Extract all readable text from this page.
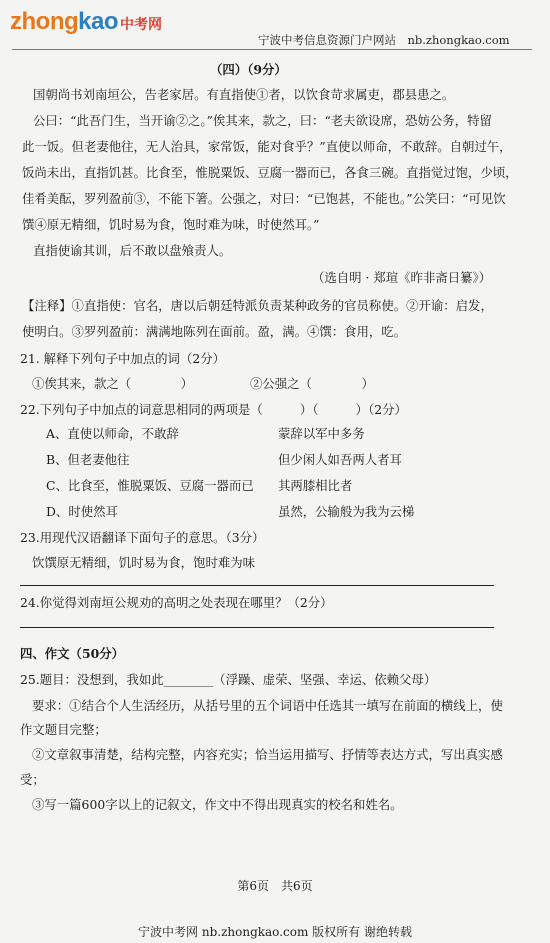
zhongkao 中考网
宁波中考信息资源门户网站　nb.zhongkao.com
（四）（9分）
国朝尚书刘南垣公，告老家居。有直指使①者，以饮食苛求属吏，郡县患之。
公曰：“此吾门生，当开谕②之。”俟其来，款之，曰：“老夫欲设席，恐妨公务，特留
此一饭。但老妻他往，无人治具，家常饭，能对食乎？”直使以师命，不敢辞。自朝过午，
饭尚未出，直指饥甚。比食至，惟脱粟饭、豆腐一器而已，各食三碗。直指觉过饱，少顷，
佳肴美酝，罗列盈前③，不能下箸。公强之，对曰：“已饱甚，不能也。”公笑曰：“可见饮
馔④原无精细，饥时易为食，饱时难为味，时使然耳。”
直指使谕其训，后不敢以盘飧责人。
（选自明 · 郑瑄《昨非斋日纂》）
【注释】①直指使：官名，唐以后朝廷特派负责某种政务的官员称使。②开谕：启发，
使明白。③罗列盈前：满满地陈列在面前。盈，满。④馔：食用，吃。
21. 解释下列句子中加点的词（2分）
①俟其来，款之（　　　　）	②公强之（　　　　）
22.下列句子中加点的词意思相同的两项是（　　　）（　　　）（2分）
A、直使以师命，不敢辞	蒙辞以军中多务
B、但老妻他往	但少闲人如吾两人者耳
C、比食至，惟脱粟饭、豆腐一器而已 其两膝相比者
D、时使然耳	虽然，公输般为我为云梯
23.用现代汉语翻译下面句子的意思。（3分）
饮馔原无精细，饥时易为食，饱时难为味
24.你觉得刘南垣公规劝的高明之处表现在哪里？（2分）
四、作文（50分）
25.题目：没想到，我如此________（浮躁、虚荣、坚强、幸运、依赖父母）
要求：①结合个人生活经历，从括号里的五个词语中任选其一填写在前面的横线上，使
作文题目完整；
②文章叙事清楚，结构完整，内容充实；恰当运用描写、抒情等表达方式，写出真实感
受；
③写一篇600字以上的记叙文，作文中不得出现真实的校名和姓名。
第6页　共6页
宁波中考网 nb.zhongkao.com 版权所有 谢绝转载
